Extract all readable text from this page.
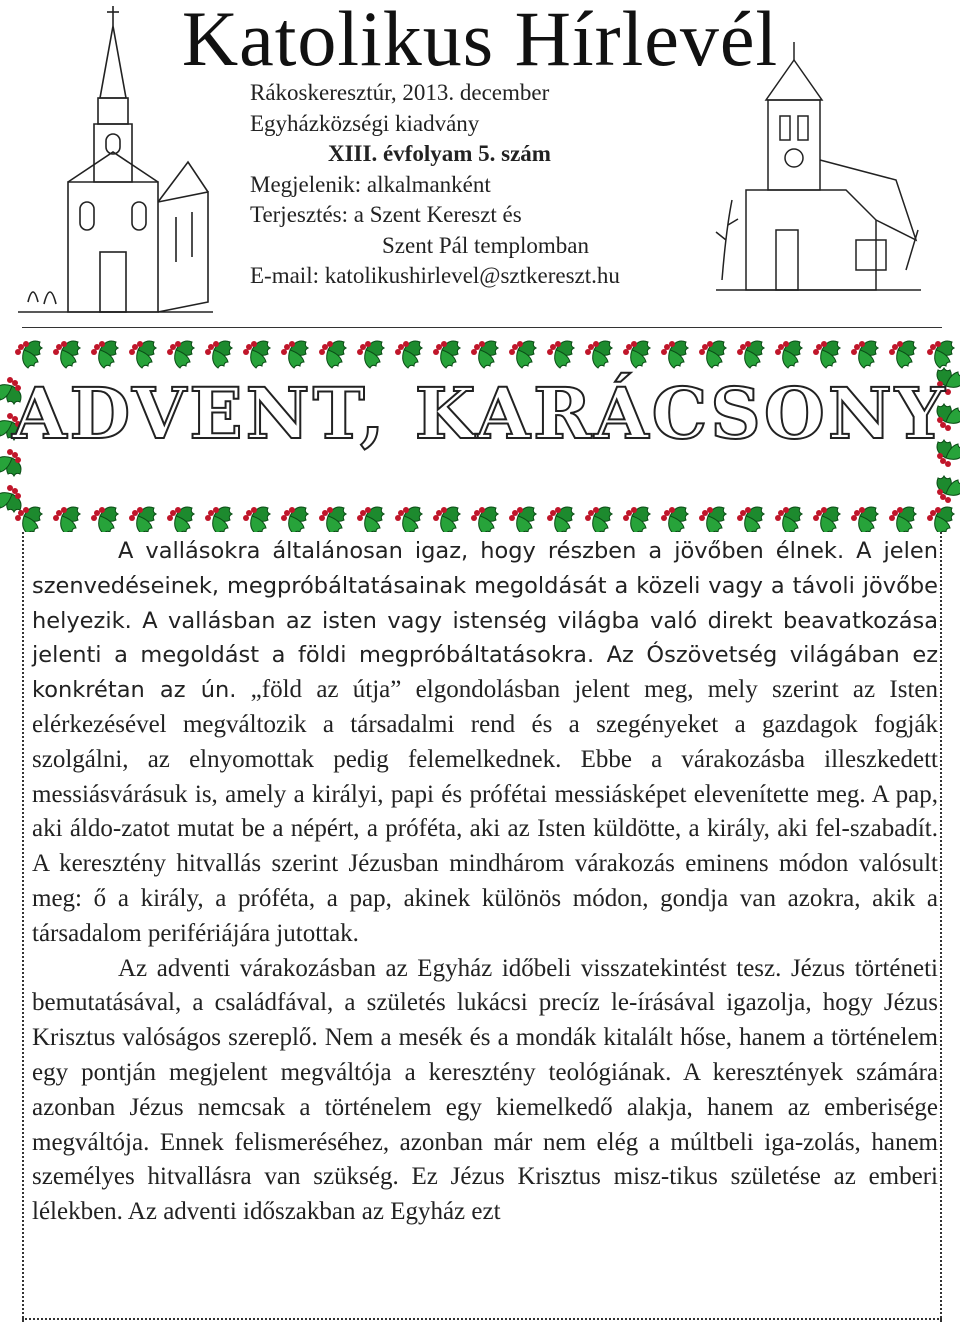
Katolikus Hírlevél
Rákoskeresztúr, 2013. december
Egyházközségi kiadvány
XIII. évfolyam 5. szám
Megjelenik: alkalmanként
Terjesztés: a Szent Kereszt és
Szent Pál templomban
E-mail: katolikushirlevel@sztkereszt.hu
ADVENT, KARÁCSONY

A vallásokra általánosan igaz, hogy részben a jövőben élnek. A jelen szenvedéseinek, megpróbáltatásainak megoldását a közeli vagy a távoli jövőbe helyezik. A vallásban az isten vagy istenség világba való direkt beavatkozása jelenti a megoldást a földi megpróbáltatásokra. Az Ószövetség világában ez konkrétan az ún. „föld az útja” elgondolásban jelent meg, mely szerint az Isten elérkezésével megváltozik a társadalmi rend és a szegényeket a gazdagok fogják szolgálni, az elnyomottak pedig felemelkednek. Ebbe a várakozásba illeszkedett messiásvárásuk is, amely a királyi, papi és prófétai messiásképet elevenítette meg. A pap, aki áldo-zatot mutat be a népért, a próféta, aki az Isten küldötte, a király, aki fel-szabadít. A keresztény hitvallás szerint Jézusban mindhárom várakozás eminens módon valósult meg: ő a király, a próféta, a pap, akinek különös módon, gondja van azokra, akik a társadalom perifériájára jutottak.

Az adventi várakozásban az Egyház időbeli visszatekintést tesz. Jézus történeti bemutatásával, a családfával, a születés lukácsi precíz le-írásával igazolja, hogy Jézus Krisztus valóságos szereplő. Nem a mesék és a mondák kitalált hőse, hanem a történelem egy pontján megjelent megváltója a keresztény teológiának. A keresztények számára azonban Jézus nemcsak a történelem egy kiemelkedő alakja, hanem az emberisége megváltója. Ennek felismeréséhez, azonban már nem elég a múltbeli iga-zolás, hanem személyes hitvallásra van szükség. Ez Jézus Krisztus misz-tikus születése az emberi lélekben. Az adventi időszakban az Egyház ezt
